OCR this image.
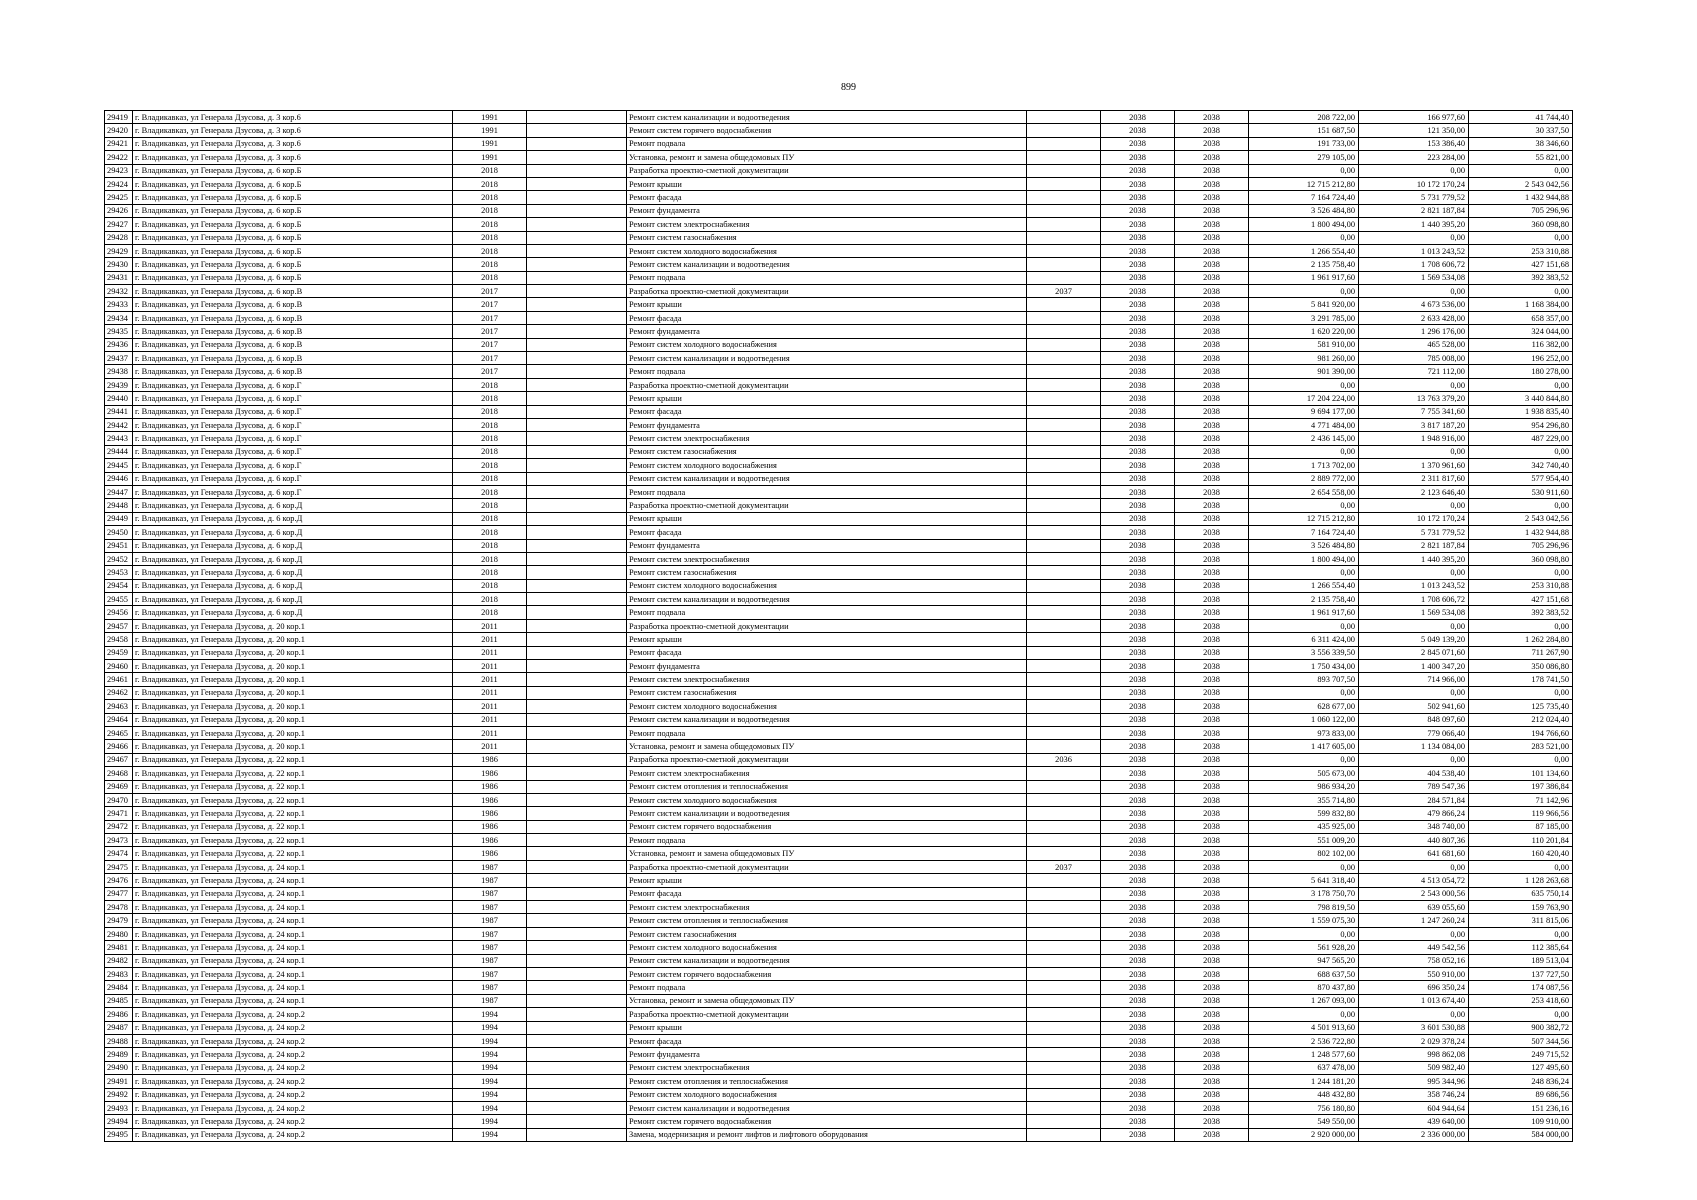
899
29419	г. Владикавказ, ул Генерала Дзусова, д. 3 кор.6	1991		Ремонт систем канализации и водоотведения		2038	2038	208 722,00	166 977,60	41 744,40
29420	г. Владикавказ, ул Генерала Дзусова, д. 3 кор.6	1991		Ремонт систем горячего водоснабжения		2038	2038	151 687,50	121 350,00	30 337,50
29421	г. Владикавказ, ул Генерала Дзусова, д. 3 кор.6	1991		Ремонт подвала		2038	2038	191 733,00	153 386,40	38 346,60
29422	г. Владикавказ, ул Генерала Дзусова, д. 3 кор.6	1991		Установка, ремонт и замена общедомовых ПУ		2038	2038	279 105,00	223 284,00	55 821,00
29423	г. Владикавказ, ул Генерала Дзусова, д. 6 кор.Б	2018		Разработка проектно-сметной документации		2038	2038	0,00	0,00	0,00
29424	г. Владикавказ, ул Генерала Дзусова, д. 6 кор.Б	2018		Ремонт крыши		2038	2038	12 715 212,80	10 172 170,24	2 543 042,56
29425	г. Владикавказ, ул Генерала Дзусова, д. 6 кор.Б	2018		Ремонт фасада		2038	2038	7 164 724,40	5 731 779,52	1 432 944,88
29426	г. Владикавказ, ул Генерала Дзусова, д. 6 кор.Б	2018		Ремонт фундамента		2038	2038	3 526 484,80	2 821 187,84	705 296,96
29427	г. Владикавказ, ул Генерала Дзусова, д. 6 кор.Б	2018		Ремонт систем электроснабжения		2038	2038	1 800 494,00	1 440 395,20	360 098,80
29428	г. Владикавказ, ул Генерала Дзусова, д. 6 кор.Б	2018		Ремонт систем газоснабжения		2038	2038	0,00	0,00	0,00
29429	г. Владикавказ, ул Генерала Дзусова, д. 6 кор.Б	2018		Ремонт систем холодного водоснабжения		2038	2038	1 266 554,40	1 013 243,52	253 310,88
29430	г. Владикавказ, ул Генерала Дзусова, д. 6 кор.Б	2018		Ремонт систем канализации и водоотведения		2038	2038	2 135 758,40	1 708 606,72	427 151,68
29431	г. Владикавказ, ул Генерала Дзусова, д. 6 кор.Б	2018		Ремонт подвала		2038	2038	1 961 917,60	1 569 534,08	392 383,52
29432	г. Владикавказ, ул Генерала Дзусова, д. 6 кор.В	2017		Разработка проектно-сметной документации	2037	2038	2038	0,00	0,00	0,00
29433	г. Владикавказ, ул Генерала Дзусова, д. 6 кор.В	2017		Ремонт крыши		2038	2038	5 841 920,00	4 673 536,00	1 168 384,00
29434	г. Владикавказ, ул Генерала Дзусова, д. 6 кор.В	2017		Ремонт фасада		2038	2038	3 291 785,00	2 633 428,00	658 357,00
29435	г. Владикавказ, ул Генерала Дзусова, д. 6 кор.В	2017		Ремонт фундамента		2038	2038	1 620 220,00	1 296 176,00	324 044,00
29436	г. Владикавказ, ул Генерала Дзусова, д. 6 кор.В	2017		Ремонт систем холодного водоснабжения		2038	2038	581 910,00	465 528,00	116 382,00
29437	г. Владикавказ, ул Генерала Дзусова, д. 6 кор.В	2017		Ремонт систем канализации и водоотведения		2038	2038	981 260,00	785 008,00	196 252,00
29438	г. Владикавказ, ул Генерала Дзусова, д. 6 кор.В	2017		Ремонт подвала		2038	2038	901 390,00	721 112,00	180 278,00
29439	г. Владикавказ, ул Генерала Дзусова, д. 6 кор.Г	2018		Разработка проектно-сметной документации		2038	2038	0,00	0,00	0,00
29440	г. Владикавказ, ул Генерала Дзусова, д. 6 кор.Г	2018		Ремонт крыши		2038	2038	17 204 224,00	13 763 379,20	3 440 844,80
29441	г. Владикавказ, ул Генерала Дзусова, д. 6 кор.Г	2018		Ремонт фасада		2038	2038	9 694 177,00	7 755 341,60	1 938 835,40
29442	г. Владикавказ, ул Генерала Дзусова, д. 6 кор.Г	2018		Ремонт фундамента		2038	2038	4 771 484,00	3 817 187,20	954 296,80
29443	г. Владикавказ, ул Генерала Дзусова, д. 6 кор.Г	2018		Ремонт систем электроснабжения		2038	2038	2 436 145,00	1 948 916,00	487 229,00
29444	г. Владикавказ, ул Генерала Дзусова, д. 6 кор.Г	2018		Ремонт систем газоснабжения		2038	2038	0,00	0,00	0,00
29445	г. Владикавказ, ул Генерала Дзусова, д. 6 кор.Г	2018		Ремонт систем холодного водоснабжения		2038	2038	1 713 702,00	1 370 961,60	342 740,40
29446	г. Владикавказ, ул Генерала Дзусова, д. 6 кор.Г	2018		Ремонт систем канализации и водоотведения		2038	2038	2 889 772,00	2 311 817,60	577 954,40
29447	г. Владикавказ, ул Генерала Дзусова, д. 6 кор.Г	2018		Ремонт подвала		2038	2038	2 654 558,00	2 123 646,40	530 911,60
29448	г. Владикавказ, ул Генерала Дзусова, д. 6 кор.Д	2018		Разработка проектно-сметной документации		2038	2038	0,00	0,00	0,00
29449	г. Владикавказ, ул Генерала Дзусова, д. 6 кор.Д	2018		Ремонт крыши		2038	2038	12 715 212,80	10 172 170,24	2 543 042,56
29450	г. Владикавказ, ул Генерала Дзусова, д. 6 кор.Д	2018		Ремонт фасада		2038	2038	7 164 724,40	5 731 779,52	1 432 944,88
29451	г. Владикавказ, ул Генерала Дзусова, д. 6 кор.Д	2018		Ремонт фундамента		2038	2038	3 526 484,80	2 821 187,84	705 296,96
29452	г. Владикавказ, ул Генерала Дзусова, д. 6 кор.Д	2018		Ремонт систем электроснабжения		2038	2038	1 800 494,00	1 440 395,20	360 098,80
29453	г. Владикавказ, ул Генерала Дзусова, д. 6 кор.Д	2018		Ремонт систем газоснабжения		2038	2038	0,00	0,00	0,00
29454	г. Владикавказ, ул Генерала Дзусова, д. 6 кор.Д	2018		Ремонт систем холодного водоснабжения		2038	2038	1 266 554,40	1 013 243,52	253 310,88
29455	г. Владикавказ, ул Генерала Дзусова, д. 6 кор.Д	2018		Ремонт систем канализации и водоотведения		2038	2038	2 135 758,40	1 708 606,72	427 151,68
29456	г. Владикавказ, ул Генерала Дзусова, д. 6 кор.Д	2018		Ремонт подвала		2038	2038	1 961 917,60	1 569 534,08	392 383,52
29457	г. Владикавказ, ул Генерала Дзусова, д. 20 кор.1	2011		Разработка проектно-сметной документации		2038	2038	0,00	0,00	0,00
29458	г. Владикавказ, ул Генерала Дзусова, д. 20 кор.1	2011		Ремонт крыши		2038	2038	6 311 424,00	5 049 139,20	1 262 284,80
29459	г. Владикавказ, ул Генерала Дзусова, д. 20 кор.1	2011		Ремонт фасада		2038	2038	3 556 339,50	2 845 071,60	711 267,90
29460	г. Владикавказ, ул Генерала Дзусова, д. 20 кор.1	2011		Ремонт фундамента		2038	2038	1 750 434,00	1 400 347,20	350 086,80
29461	г. Владикавказ, ул Генерала Дзусова, д. 20 кор.1	2011		Ремонт систем электроснабжения		2038	2038	893 707,50	714 966,00	178 741,50
29462	г. Владикавказ, ул Генерала Дзусова, д. 20 кор.1	2011		Ремонт систем газоснабжения		2038	2038	0,00	0,00	0,00
29463	г. Владикавказ, ул Генерала Дзусова, д. 20 кор.1	2011		Ремонт систем холодного водоснабжения		2038	2038	628 677,00	502 941,60	125 735,40
29464	г. Владикавказ, ул Генерала Дзусова, д. 20 кор.1	2011		Ремонт систем канализации и водоотведения		2038	2038	1 060 122,00	848 097,60	212 024,40
29465	г. Владикавказ, ул Генерала Дзусова, д. 20 кор.1	2011		Ремонт подвала		2038	2038	973 833,00	779 066,40	194 766,60
29466	г. Владикавказ, ул Генерала Дзусова, д. 20 кор.1	2011		Установка, ремонт и замена общедомовых ПУ		2038	2038	1 417 605,00	1 134 084,00	283 521,00
29467	г. Владикавказ, ул Генерала Дзусова, д. 22 кор.1	1986		Разработка проектно-сметной документации	2036	2038	2038	0,00	0,00	0,00
29468	г. Владикавказ, ул Генерала Дзусова, д. 22 кор.1	1986		Ремонт систем электроснабжения		2038	2038	505 673,00	404 538,40	101 134,60
29469	г. Владикавказ, ул Генерала Дзусова, д. 22 кор.1	1986		Ремонт систем отопления и теплоснабжения		2038	2038	986 934,20	789 547,36	197 386,84
29470	г. Владикавказ, ул Генерала Дзусова, д. 22 кор.1	1986		Ремонт систем холодного водоснабжения		2038	2038	355 714,80	284 571,84	71 142,96
29471	г. Владикавказ, ул Генерала Дзусова, д. 22 кор.1	1986		Ремонт систем канализации и водоотведения		2038	2038	599 832,80	479 866,24	119 966,56
29472	г. Владикавказ, ул Генерала Дзусова, д. 22 кор.1	1986		Ремонт систем горячего водоснабжения		2038	2038	435 925,00	348 740,00	87 185,00
29473	г. Владикавказ, ул Генерала Дзусова, д. 22 кор.1	1986		Ремонт подвала		2038	2038	551 009,20	440 807,36	110 201,84
29474	г. Владикавказ, ул Генерала Дзусова, д. 22 кор.1	1986		Установка, ремонт и замена общедомовых ПУ		2038	2038	802 102,00	641 681,60	160 420,40
29475	г. Владикавказ, ул Генерала Дзусова, д. 24 кор.1	1987		Разработка проектно-сметной документации	2037	2038	2038	0,00	0,00	0,00
29476	г. Владикавказ, ул Генерала Дзусова, д. 24 кор.1	1987		Ремонт крыши		2038	2038	5 641 318,40	4 513 054,72	1 128 263,68
29477	г. Владикавказ, ул Генерала Дзусова, д. 24 кор.1	1987		Ремонт фасада		2038	2038	3 178 750,70	2 543 000,56	635 750,14
29478	г. Владикавказ, ул Генерала Дзусова, д. 24 кор.1	1987		Ремонт систем электроснабжения		2038	2038	798 819,50	639 055,60	159 763,90
29479	г. Владикавказ, ул Генерала Дзусова, д. 24 кор.1	1987		Ремонт систем отопления и теплоснабжения		2038	2038	1 559 075,30	1 247 260,24	311 815,06
29480	г. Владикавказ, ул Генерала Дзусова, д. 24 кор.1	1987		Ремонт систем газоснабжения		2038	2038	0,00	0,00	0,00
29481	г. Владикавказ, ул Генерала Дзусова, д. 24 кор.1	1987		Ремонт систем холодного водоснабжения		2038	2038	561 928,20	449 542,56	112 385,64
29482	г. Владикавказ, ул Генерала Дзусова, д. 24 кор.1	1987		Ремонт систем канализации и водоотведения		2038	2038	947 565,20	758 052,16	189 513,04
29483	г. Владикавказ, ул Генерала Дзусова, д. 24 кор.1	1987		Ремонт систем горячего водоснабжения		2038	2038	688 637,50	550 910,00	137 727,50
29484	г. Владикавказ, ул Генерала Дзусова, д. 24 кор.1	1987		Ремонт подвала		2038	2038	870 437,80	696 350,24	174 087,56
29485	г. Владикавказ, ул Генерала Дзусова, д. 24 кор.1	1987		Установка, ремонт и замена общедомовых ПУ		2038	2038	1 267 093,00	1 013 674,40	253 418,60
29486	г. Владикавказ, ул Генерала Дзусова, д. 24 кор.2	1994		Разработка проектно-сметной документации		2038	2038	0,00	0,00	0,00
29487	г. Владикавказ, ул Генерала Дзусова, д. 24 кор.2	1994		Ремонт крыши		2038	2038	4 501 913,60	3 601 530,88	900 382,72
29488	г. Владикавказ, ул Генерала Дзусова, д. 24 кор.2	1994		Ремонт фасада		2038	2038	2 536 722,80	2 029 378,24	507 344,56
29489	г. Владикавказ, ул Генерала Дзусова, д. 24 кор.2	1994		Ремонт фундамента		2038	2038	1 248 577,60	998 862,08	249 715,52
29490	г. Владикавказ, ул Генерала Дзусова, д. 24 кор.2	1994		Ремонт систем электроснабжения		2038	2038	637 478,00	509 982,40	127 495,60
29491	г. Владикавказ, ул Генерала Дзусова, д. 24 кор.2	1994		Ремонт систем отопления и теплоснабжения		2038	2038	1 244 181,20	995 344,96	248 836,24
29492	г. Владикавказ, ул Генерала Дзусова, д. 24 кор.2	1994		Ремонт систем холодного водоснабжения		2038	2038	448 432,80	358 746,24	89 686,56
29493	г. Владикавказ, ул Генерала Дзусова, д. 24 кор.2	1994		Ремонт систем канализации и водоотведения		2038	2038	756 180,80	604 944,64	151 236,16
29494	г. Владикавказ, ул Генерала Дзусова, д. 24 кор.2	1994		Ремонт систем горячего водоснабжения		2038	2038	549 550,00	439 640,00	109 910,00
29495	г. Владикавказ, ул Генерала Дзусова, д. 24 кор.2	1994		Замена, модернизация и ремонт лифтов и лифтового оборудования		2038	2038	2 920 000,00	2 336 000,00	584 000,00
